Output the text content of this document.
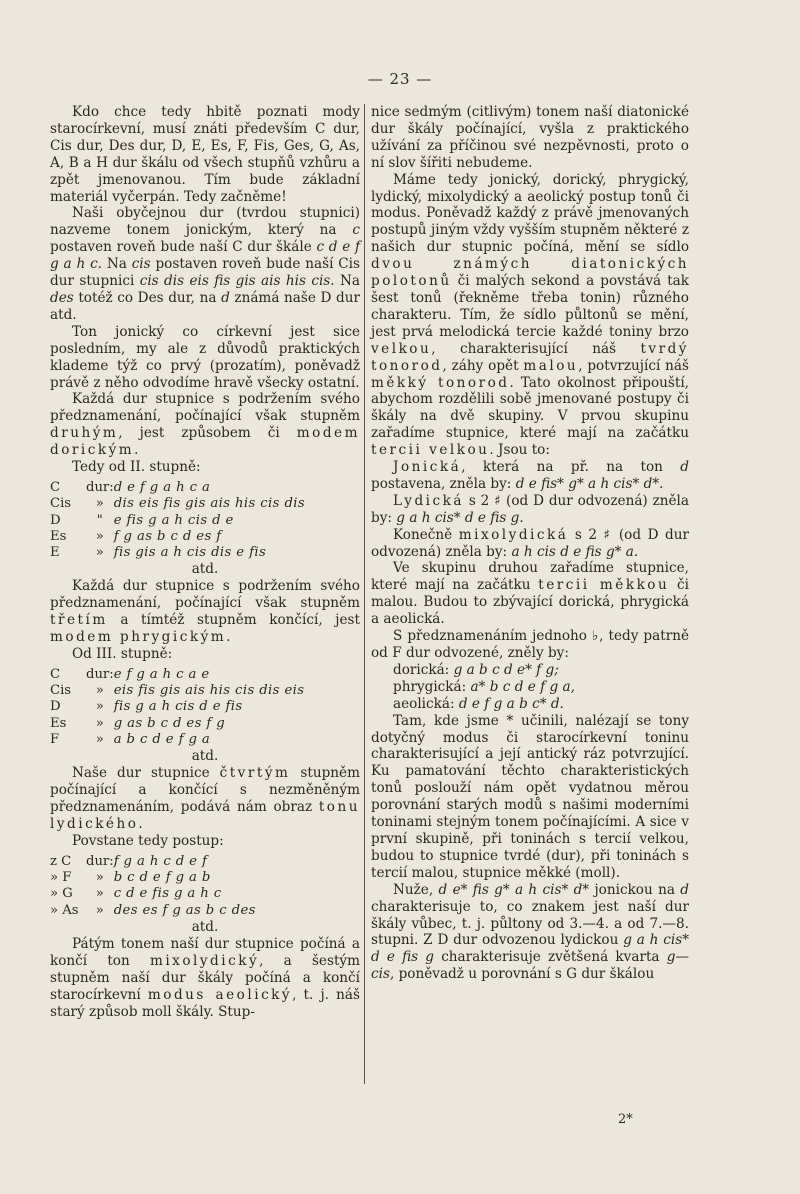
— 23 —

Kdo chce tedy hbitě poznati mody starocírkevní, musí znáti především C dur, Cis dur, Des dur, D, E, Es, F, Fis, Ges, G, As, A, B a H dur škálu od všech stupňů vzhůru a zpět jmenovanou. Tím bude základní materiál vyčerpán. Tedy začněme!

Naši obyčejnou dur (tvrdou stupnici) nazveme tonem jonickým, který na c postaven roveň bude naší C dur škále c d e f g a h c. Na cis postaven roveň bude naší Cis dur stupnici cis dis eis fis gis ais his cis. Na des totéž co Des dur, na d známá naše D dur atd.

Ton jonický co církevní jest sice posledním, my ale z důvodů praktických klademe týž co prvý (prozatím), poněvadž právě z něho odvodíme hravě všecky ostatní.

Každá dur stupnice s podržením svého předznamenání, počínající však stupněm druhým, jest způsobem či modem dorickým.

Tedy od II. stupně:

C	dur:	d e f g a h c a
Cis	»	dis eis fis gis ais his cis dis
D	"	e fis g a h cis d e
Es	»	f g as b c d es f
E	»	fis gis a h cis dis e fis

atd.

Každá dur stupnice s podržením svého předznamenání, počínající však stupněm třetím a tímtéž stupněm končící, jest modem phrygickým.

Od III. stupně:

C	dur:	e f g a h c a e
Cis	»	eis fis gis ais his cis dis eis
D	»	fis g a h cis d e fis
Es	»	g as b c d es f g
F	»	a b c d e f g a

atd.

Naše dur stupnice čtvrtým stupněm počínající a končící s nezměněným předznamenáním, podává nám obraz tonu lydického.

Povstane tedy postup:

z C	dur:	f g a h c d e f
» F	»	b c d e f g a b
» G	»	c d e fis g a h c
» As	»	des es f g as b c des

atd.

Pátým tonem naší dur stupnice počíná a končí ton mixolydický, a šestým stupněm naší dur škály počíná a končí starocírkevní modus aeolický, t. j. náš starý způsob moll škály. Stup-

nice sedmým (citlivým) tonem naší diatonické dur škály počínající, vyšla z praktického užívání za příčinou své nezpěvnosti, proto o ní slov šířiti nebudeme.

Máme tedy jonický, dorický, phrygický, lydický, mixolydický a aeolický postup tonů či modus. Poněvadž každý z právě jmenovaných postupů jiným vždy vyšším stupněm některé z našich dur stupnic počíná, mění se sídlo dvou známých diatonických polotonů či malých sekond a povstává tak šest tonů (řekněme třeba tonin) různého charakteru. Tím, že sídlo půltonů se mění, jest prvá melodická tercie každé toniny brzo velkou, charakterisující náš tvrdý tonorod, záhy opět malou, potvrzující náš měkký tonorod. Tato okolnost připouští, abychom rozdělili sobě jmenované postupy či škály na dvě skupiny. V prvou skupinu zařadíme stupnice, které mají na začátku tercii velkou. Jsou to:

Jonická, která na př. na ton d postavena, zněla by: d e fis* g* a h cis* d*.

Lydická s 2 ♯ (od D dur odvozená) zněla by: g a h cis* d e fis g.

Konečně mixolydická s 2 ♯ (od D dur odvozená) zněla by: a h cis d e fis g* a.

Ve skupinu druhou zařadíme stupnice, které mají na začátku tercii měkkou či malou. Budou to zbývající dorická, phrygická a aeolická.

S předznamenáním jednoho ♭, tedy patrně od F dur odvozené, zněly by:

dorická: g a b c d e* f g;

phrygická: a* b c d e f g a,

aeolická: d e f g a b c* d.

Tam, kde jsme * učinili, nalézají se tony dotyčný modus či starocírkevní toninu charakterisující a její antický ráz potvrzující. Ku pamatování těchto charakteristických tonů poslouží nám opět vydatnou měrou porovnání starých modů s našimi moderními toninami stejným tonem počínajícími. A sice v první skupině, při toninách s tercií velkou, budou to stupnice tvrdé (dur), při toninách s tercií malou, stupnice měkké (moll).

Nuže, d e* fis g* a h cis* d* jonickou na d charakterisuje to, co znakem jest naší dur škály vůbec, t. j. půltony od 3.—4. a od 7.—8. stupni. Z D dur odvozenou lydickou g a h cis* d e fis g charakterisuje zvětšená kvarta g—cis, poněvadž u porovnání s G dur škálou

2*
